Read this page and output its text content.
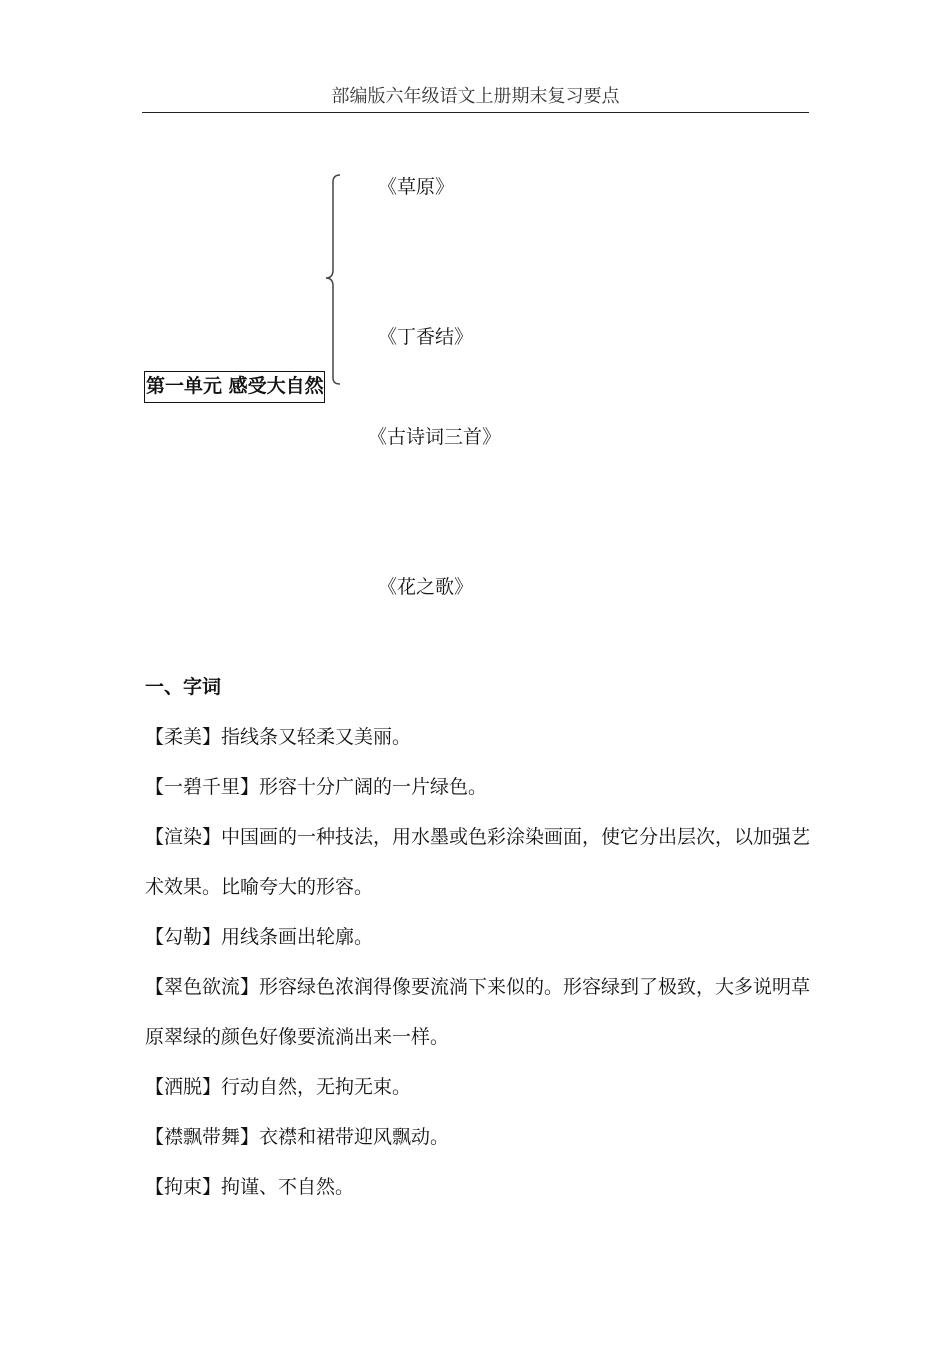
部编版六年级语文上册期末复习要点
《草原》
《丁香结》
第一单元 感受大自然
《古诗词三首》
《花之歌》
一、字词

【柔美】指线条又轻柔又美丽。

【一碧千里】形容十分广阔的一片绿色。

【渲染】中国画的一种技法，用水墨或色彩涂染画面，使它分出层次，以加强艺术效果。比喻夸大的形容。

【勾勒】用线条画出轮廓。

【翠色欲流】形容绿色浓润得像要流淌下来似的。形容绿到了极致，大多说明草原翠绿的颜色好像要流淌出来一样。

【洒脱】行动自然，无拘无束。

【襟飘带舞】衣襟和裙带迎风飘动。

【拘束】拘谨、不自然。
